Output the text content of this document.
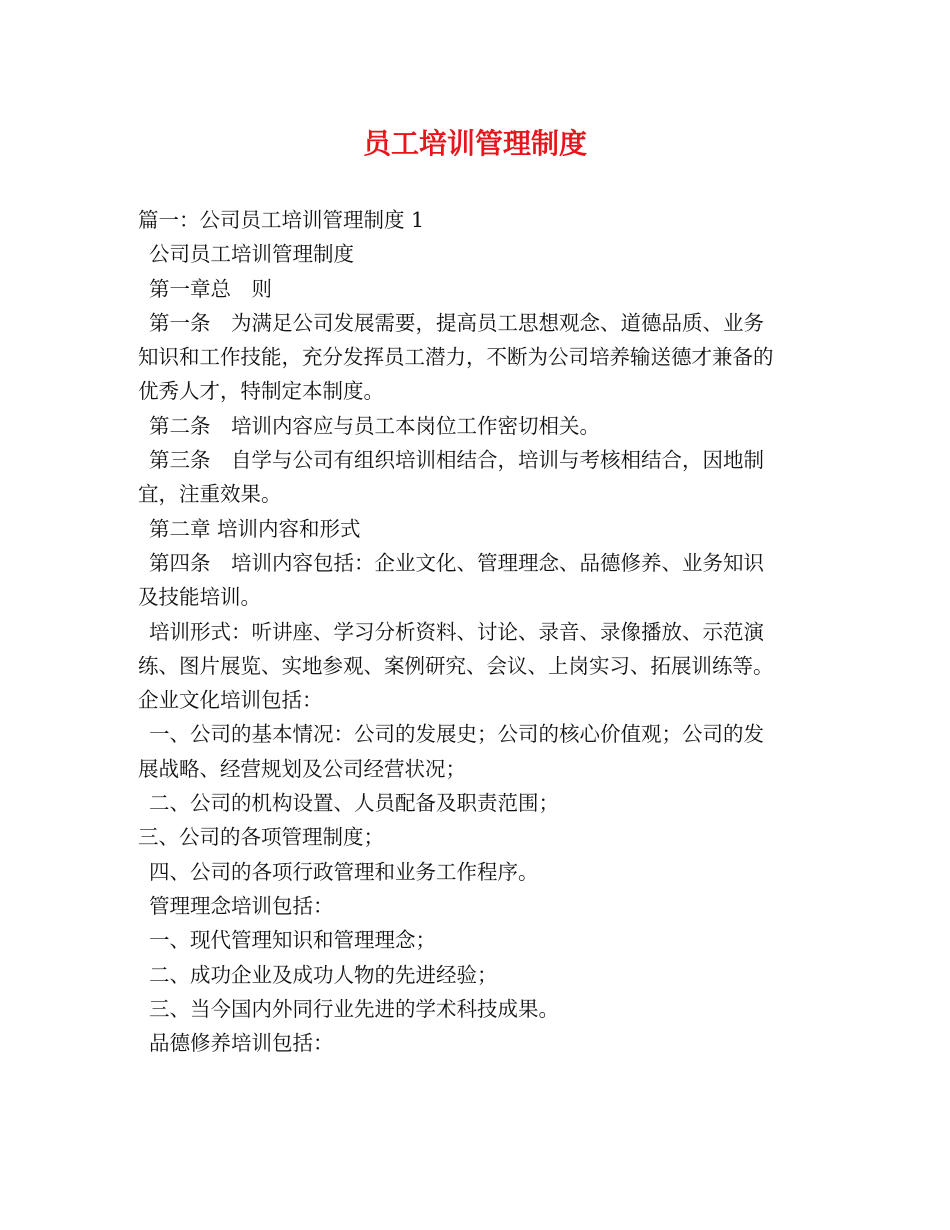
员工培训管理制度

篇一：公司员工培训管理制度 1

公司员工培训管理制度

第一章总　则

第一条　为满足公司发展需要，提高员工思想观念、道德品质、业务

知识和工作技能，充分发挥员工潜力，不断为公司培养输送德才兼备的

优秀人才，特制定本制度。

第二条　培训内容应与员工本岗位工作密切相关。

第三条　自学与公司有组织培训相结合，培训与考核相结合，因地制

宜，注重效果。

第二章 培训内容和形式

第四条　培训内容包括：企业文化、管理理念、品德修养、业务知识

及技能培训。

培训形式：听讲座、学习分析资料、讨论、录音、录像播放、示范演

练、图片展览、实地参观、案例研究、会议、上岗实习、拓展训练等。

企业文化培训包括：

一、公司的基本情况：公司的发展史；公司的核心价值观；公司的发

展战略、经营规划及公司经营状况；

二、公司的机构设置、人员配备及职责范围；

三、公司的各项管理制度；

四、公司的各项行政管理和业务工作程序。

管理理念培训包括：

一、现代管理知识和管理理念；

二、成功企业及成功人物的先进经验；

三、当今国内外同行业先进的学术科技成果。

品德修养培训包括：
